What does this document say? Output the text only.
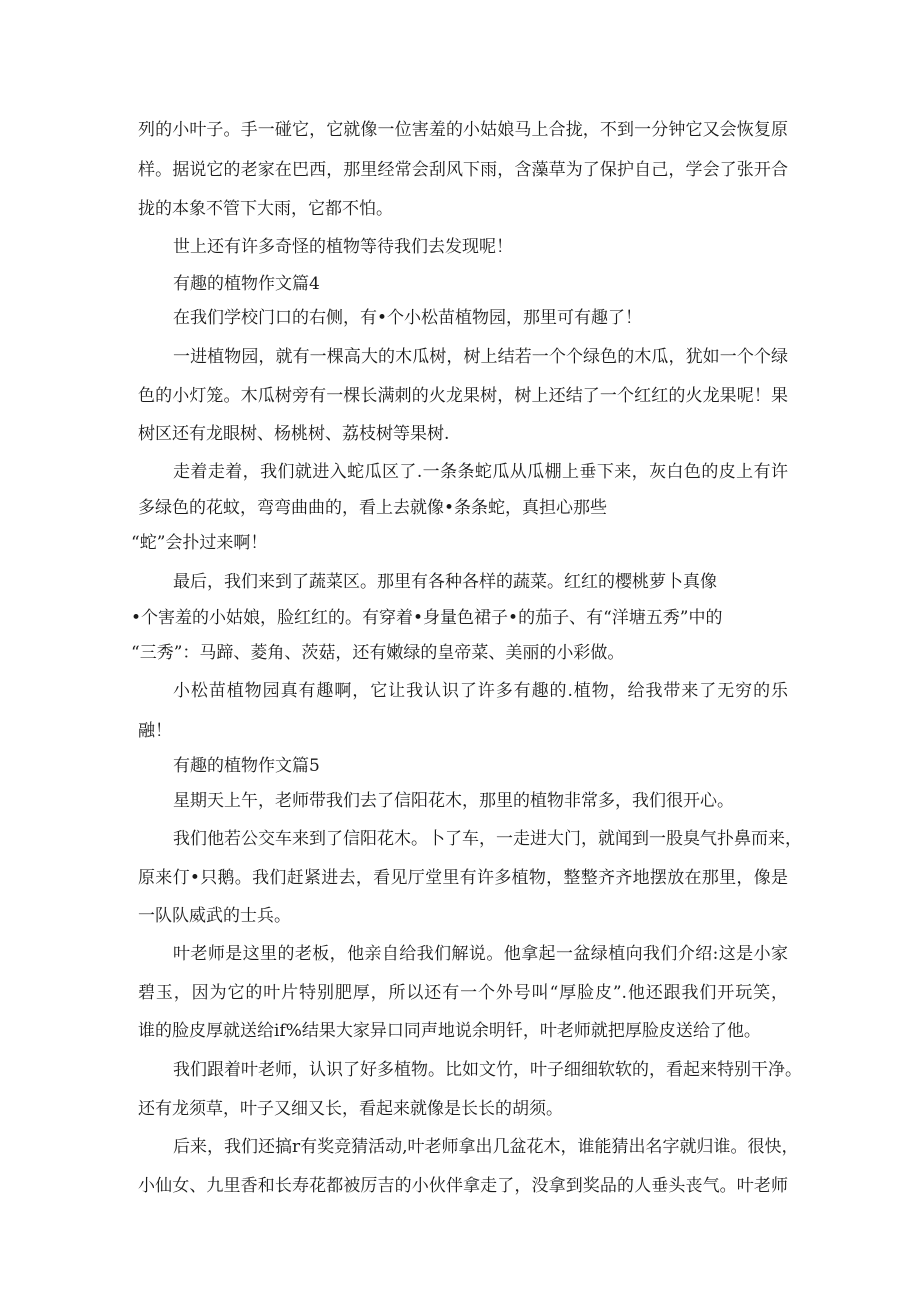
列的小叶子。手一碰它，它就像一位害羞的小姑娘马上合拢，不到一分钟它又会恢复原
样。据说它的老家在巴西，那里经常会刮风下雨，含藻草为了保护自己，学会了张开合
拢的本象不管下大雨，它都不怕。
世上还有许多奇怪的植物等待我们去发现呢！
有趣的植物作文篇4
在我们学校门口的右侧，有•个小松苗植物园，那里可有趣了！
一进植物园，就有一棵高大的木瓜树，树上结若一个个绿色的木瓜，犹如一个个绿
色的小灯笼。木瓜树旁有一棵长满刺的火龙果树，树上还结了一个红红的火龙果呢！果
树区还有龙眼树、杨桃树、荔枝树等果树.
走着走着，我们就进入蛇瓜区了.一条条蛇瓜从瓜棚上垂下来，灰白色的皮上有许
多绿色的花蚊，弯弯曲曲的，看上去就像•条条蛇，真担心那些
“蛇”会扑过来啊！
最后，我们来到了蔬菜区。那里有各种各样的蔬菜。红红的樱桃萝卜真像
•个害羞的小姑娘，脸红红的。有穿着•身量色裙子•的茄子、有“洋塘五秀”中的
“三秀”：马蹄、菱角、茨菇，还有嫩绿的皇帝菜、美丽的小彩做。
小松苗植物园真有趣啊，它让我认识了许多有趣的.植物，给我带来了无穷的乐
融！
有趣的植物作文篇5
星期天上午，老师带我们去了信阳花木，那里的植物非常多，我们很开心。
我们他若公交车来到了信阳花木。卜了车，一走进大门，就闻到一股臭气扑鼻而来，
原来仃•只鹅。我们赶紧进去，看见厅堂里有许多植物，整整齐齐地摆放在那里，像是
一队队威武的士兵。
叶老师是这里的老板，他亲自给我们解说。他拿起一盆绿植向我们介绍:这是小家
碧玉，因为它的叶片特别肥厚，所以还有一个外号叫“厚脸皮”.他还跟我们开玩笑，
谁的脸皮厚就送给if%结果大家异口同声地说余明钎，叶老师就把厚脸皮送给了他。
我们跟着叶老师，认识了好多植物。比如文竹，叶子细细软软的，看起来特别干净。
还有龙须草，叶子又细又长，看起来就像是长长的胡须。
后来，我们还搞r有奖竞猜活动,叶老师拿出几盆花木，谁能猜出名字就归谁。很快，
小仙女、九里香和长寿花都被厉吉的小伙伴拿走了，没拿到奖品的人垂头丧气。叶老师
